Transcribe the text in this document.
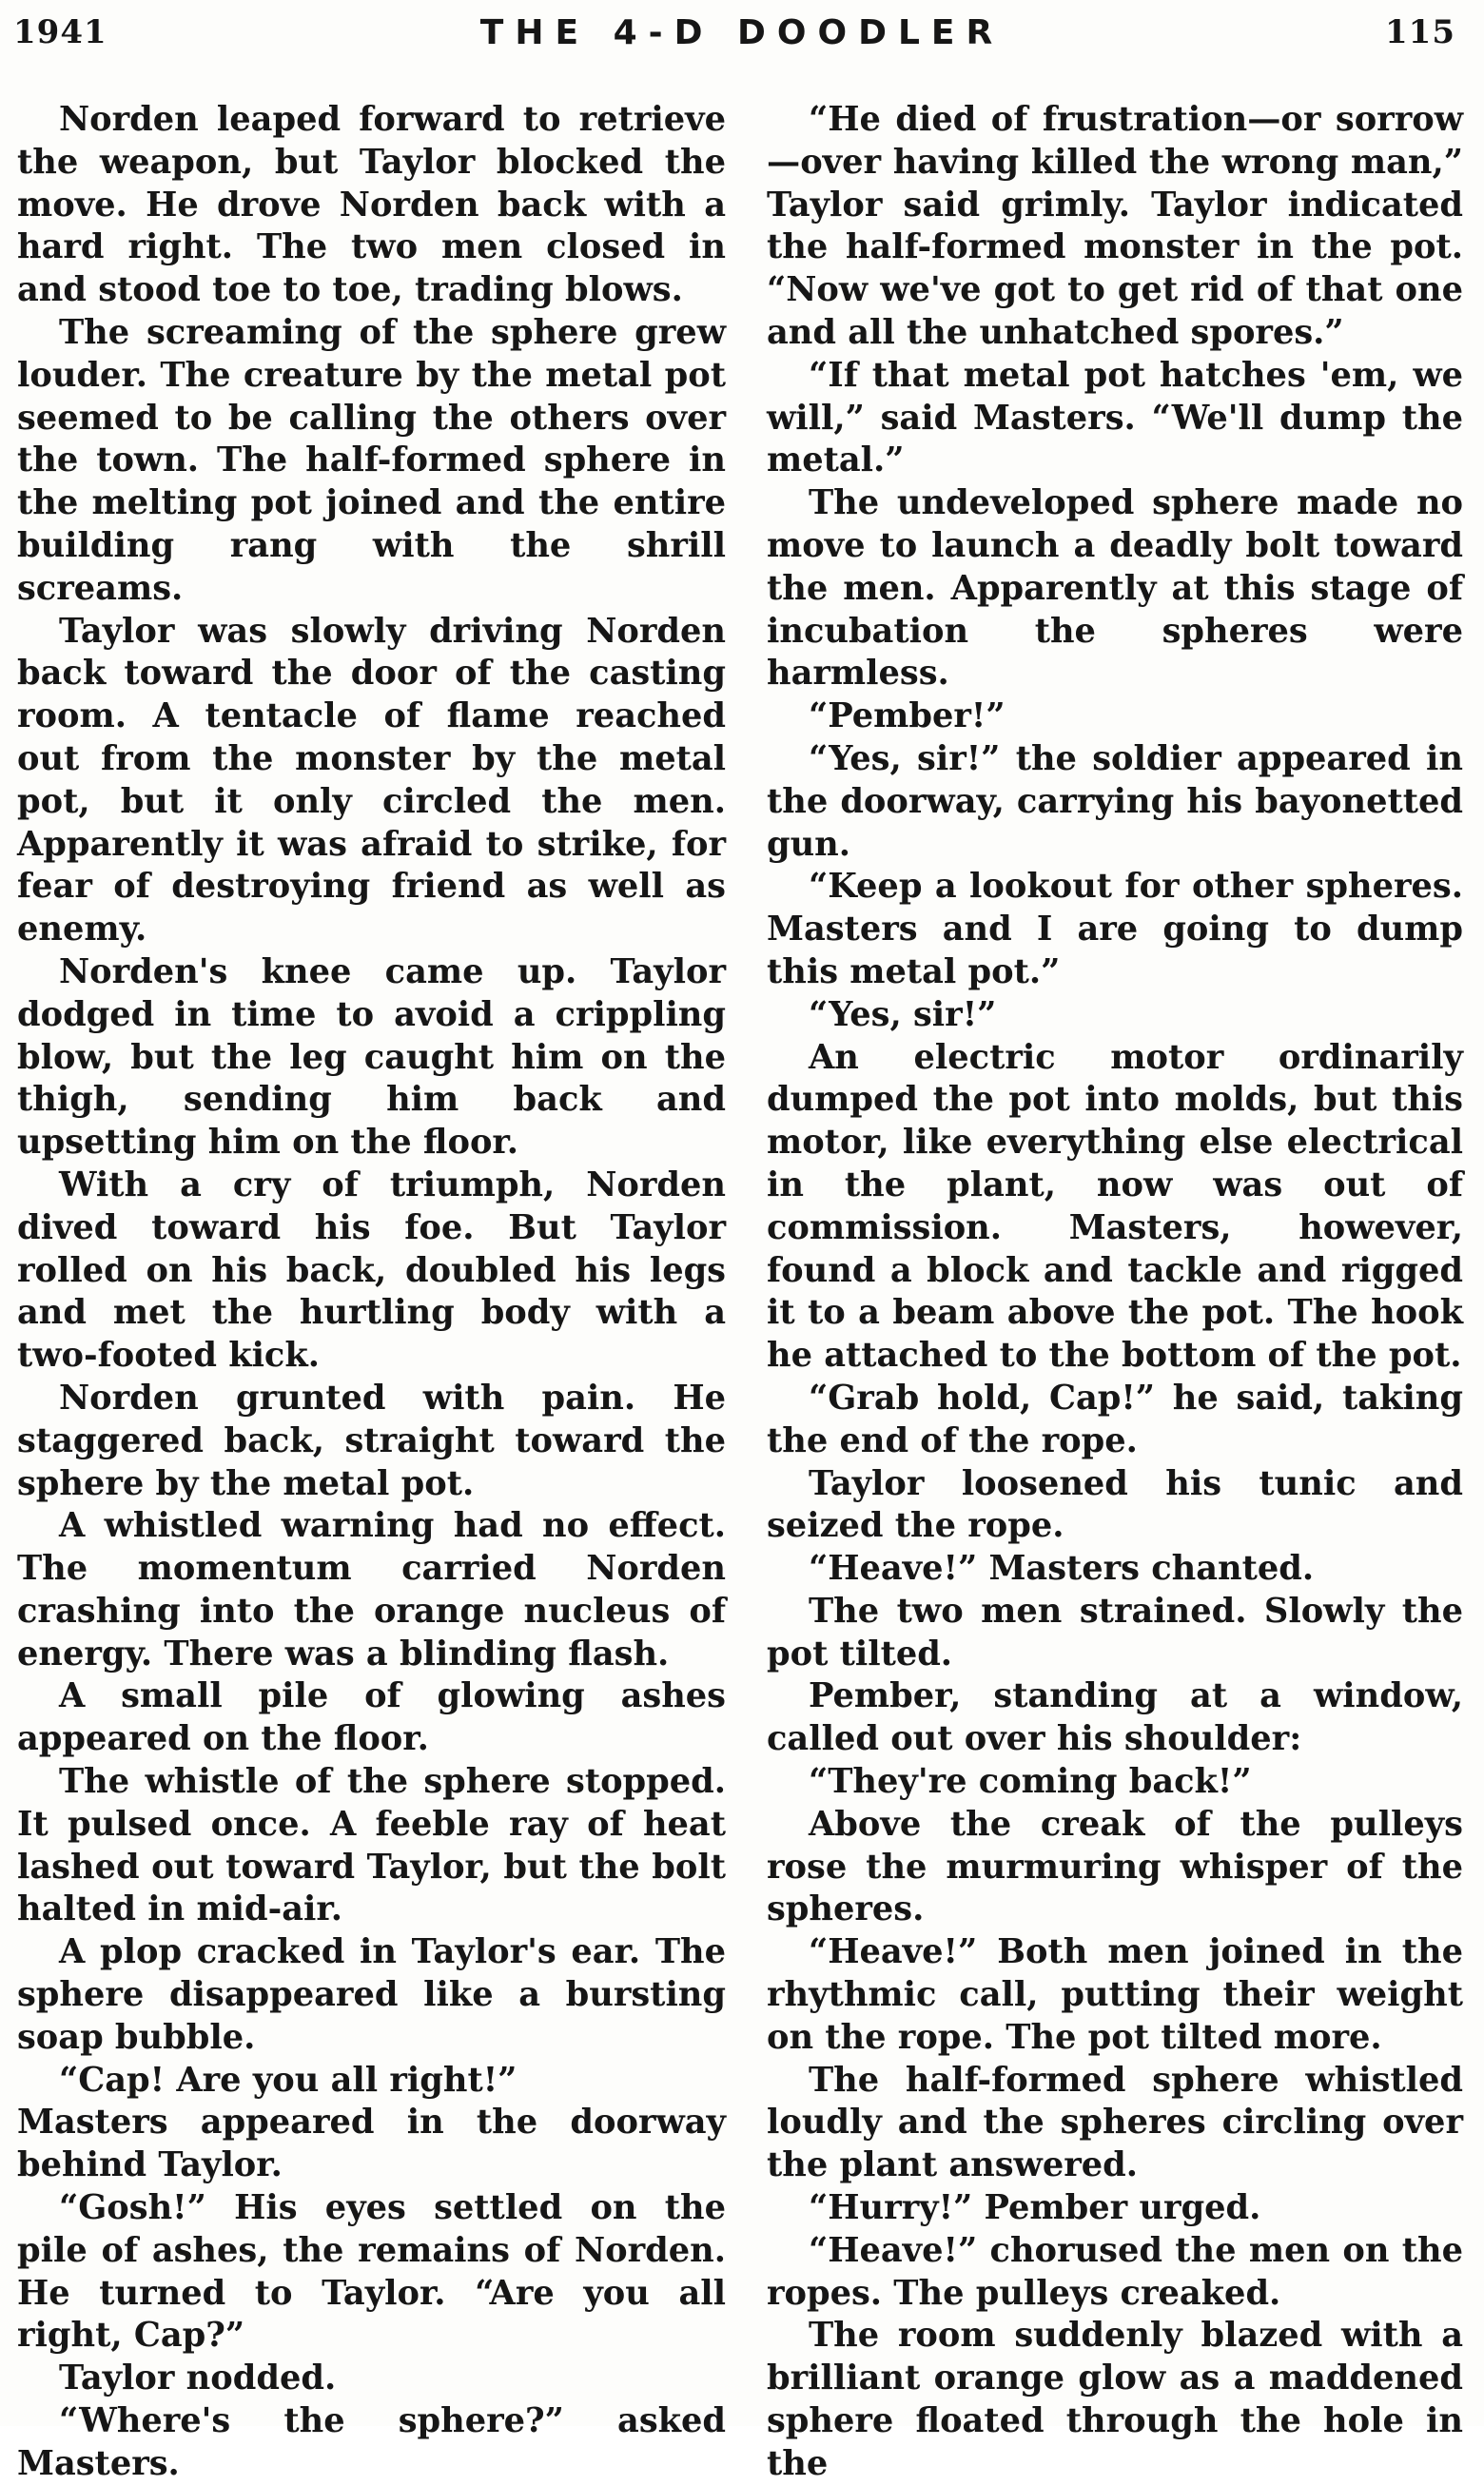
1941	THE 4-D DOODLER	115

Norden leaped forward to retrieve the weapon, but Taylor blocked the move. He drove Norden back with a hard right. The two men closed in and stood toe to toe, trading blows.

The screaming of the sphere grew louder. The creature by the metal pot seemed to be calling the others over the town. The half-formed sphere in the melting pot joined and the entire building rang with the shrill screams.

Taylor was slowly driving Norden back toward the door of the casting room. A tentacle of flame reached out from the monster by the metal pot, but it only circled the men. Apparently it was afraid to strike, for fear of destroying friend as well as enemy.

Norden's knee came up. Taylor dodged in time to avoid a crippling blow, but the leg caught him on the thigh, sending him back and upsetting him on the floor.

With a cry of triumph, Norden dived toward his foe. But Taylor rolled on his back, doubled his legs and met the hurtling body with a two-footed kick.

Norden grunted with pain. He staggered back, straight toward the sphere by the metal pot.

A whistled warning had no effect. The momentum carried Norden crashing into the orange nucleus of energy. There was a blinding flash.

A small pile of glowing ashes appeared on the floor.

The whistle of the sphere stopped. It pulsed once. A feeble ray of heat lashed out toward Taylor, but the bolt halted in mid-air.

A plop cracked in Taylor's ear. The sphere disappeared like a bursting soap bubble.

“Cap! Are you all right!”

Masters appeared in the doorway behind Taylor.

“Gosh!” His eyes settled on the pile of ashes, the remains of Norden. He turned to Taylor. “Are you all right, Cap?”

Taylor nodded.

“Where's the sphere?” asked Masters.

“He died of frustration—or sorrow —over having killed the wrong man,” Taylor said grimly. Taylor indicated the half-formed monster in the pot. “Now we've got to get rid of that one and all the unhatched spores.”

“If that metal pot hatches 'em, we will,” said Masters. “We'll dump the metal.”

The undeveloped sphere made no move to launch a deadly bolt toward the men. Apparently at this stage of incubation the spheres were harmless.

“Pember!”

“Yes, sir!” the soldier appeared in the doorway, carrying his bayonetted gun.

“Keep a lookout for other spheres. Masters and I are going to dump this metal pot.”

“Yes, sir!”

An electric motor ordinarily dumped the pot into molds, but this motor, like everything else electrical in the plant, now was out of commission. Masters, however, found a block and tackle and rigged it to a beam above the pot. The hook he attached to the bottom of the pot.

“Grab hold, Cap!” he said, taking the end of the rope.

Taylor loosened his tunic and seized the rope.

“Heave!” Masters chanted.

The two men strained. Slowly the pot tilted.

Pember, standing at a window, called out over his shoulder:

“They're coming back!”

Above the creak of the pulleys rose the murmuring whisper of the spheres.

“Heave!” Both men joined in the rhythmic call, putting their weight on the rope. The pot tilted more.

The half-formed sphere whistled loudly and the spheres circling over the plant answered.

“Hurry!” Pember urged.

“Heave!” chorused the men on the ropes. The pulleys creaked.

The room suddenly blazed with a brilliant orange glow as a maddened sphere floated through the hole in the
